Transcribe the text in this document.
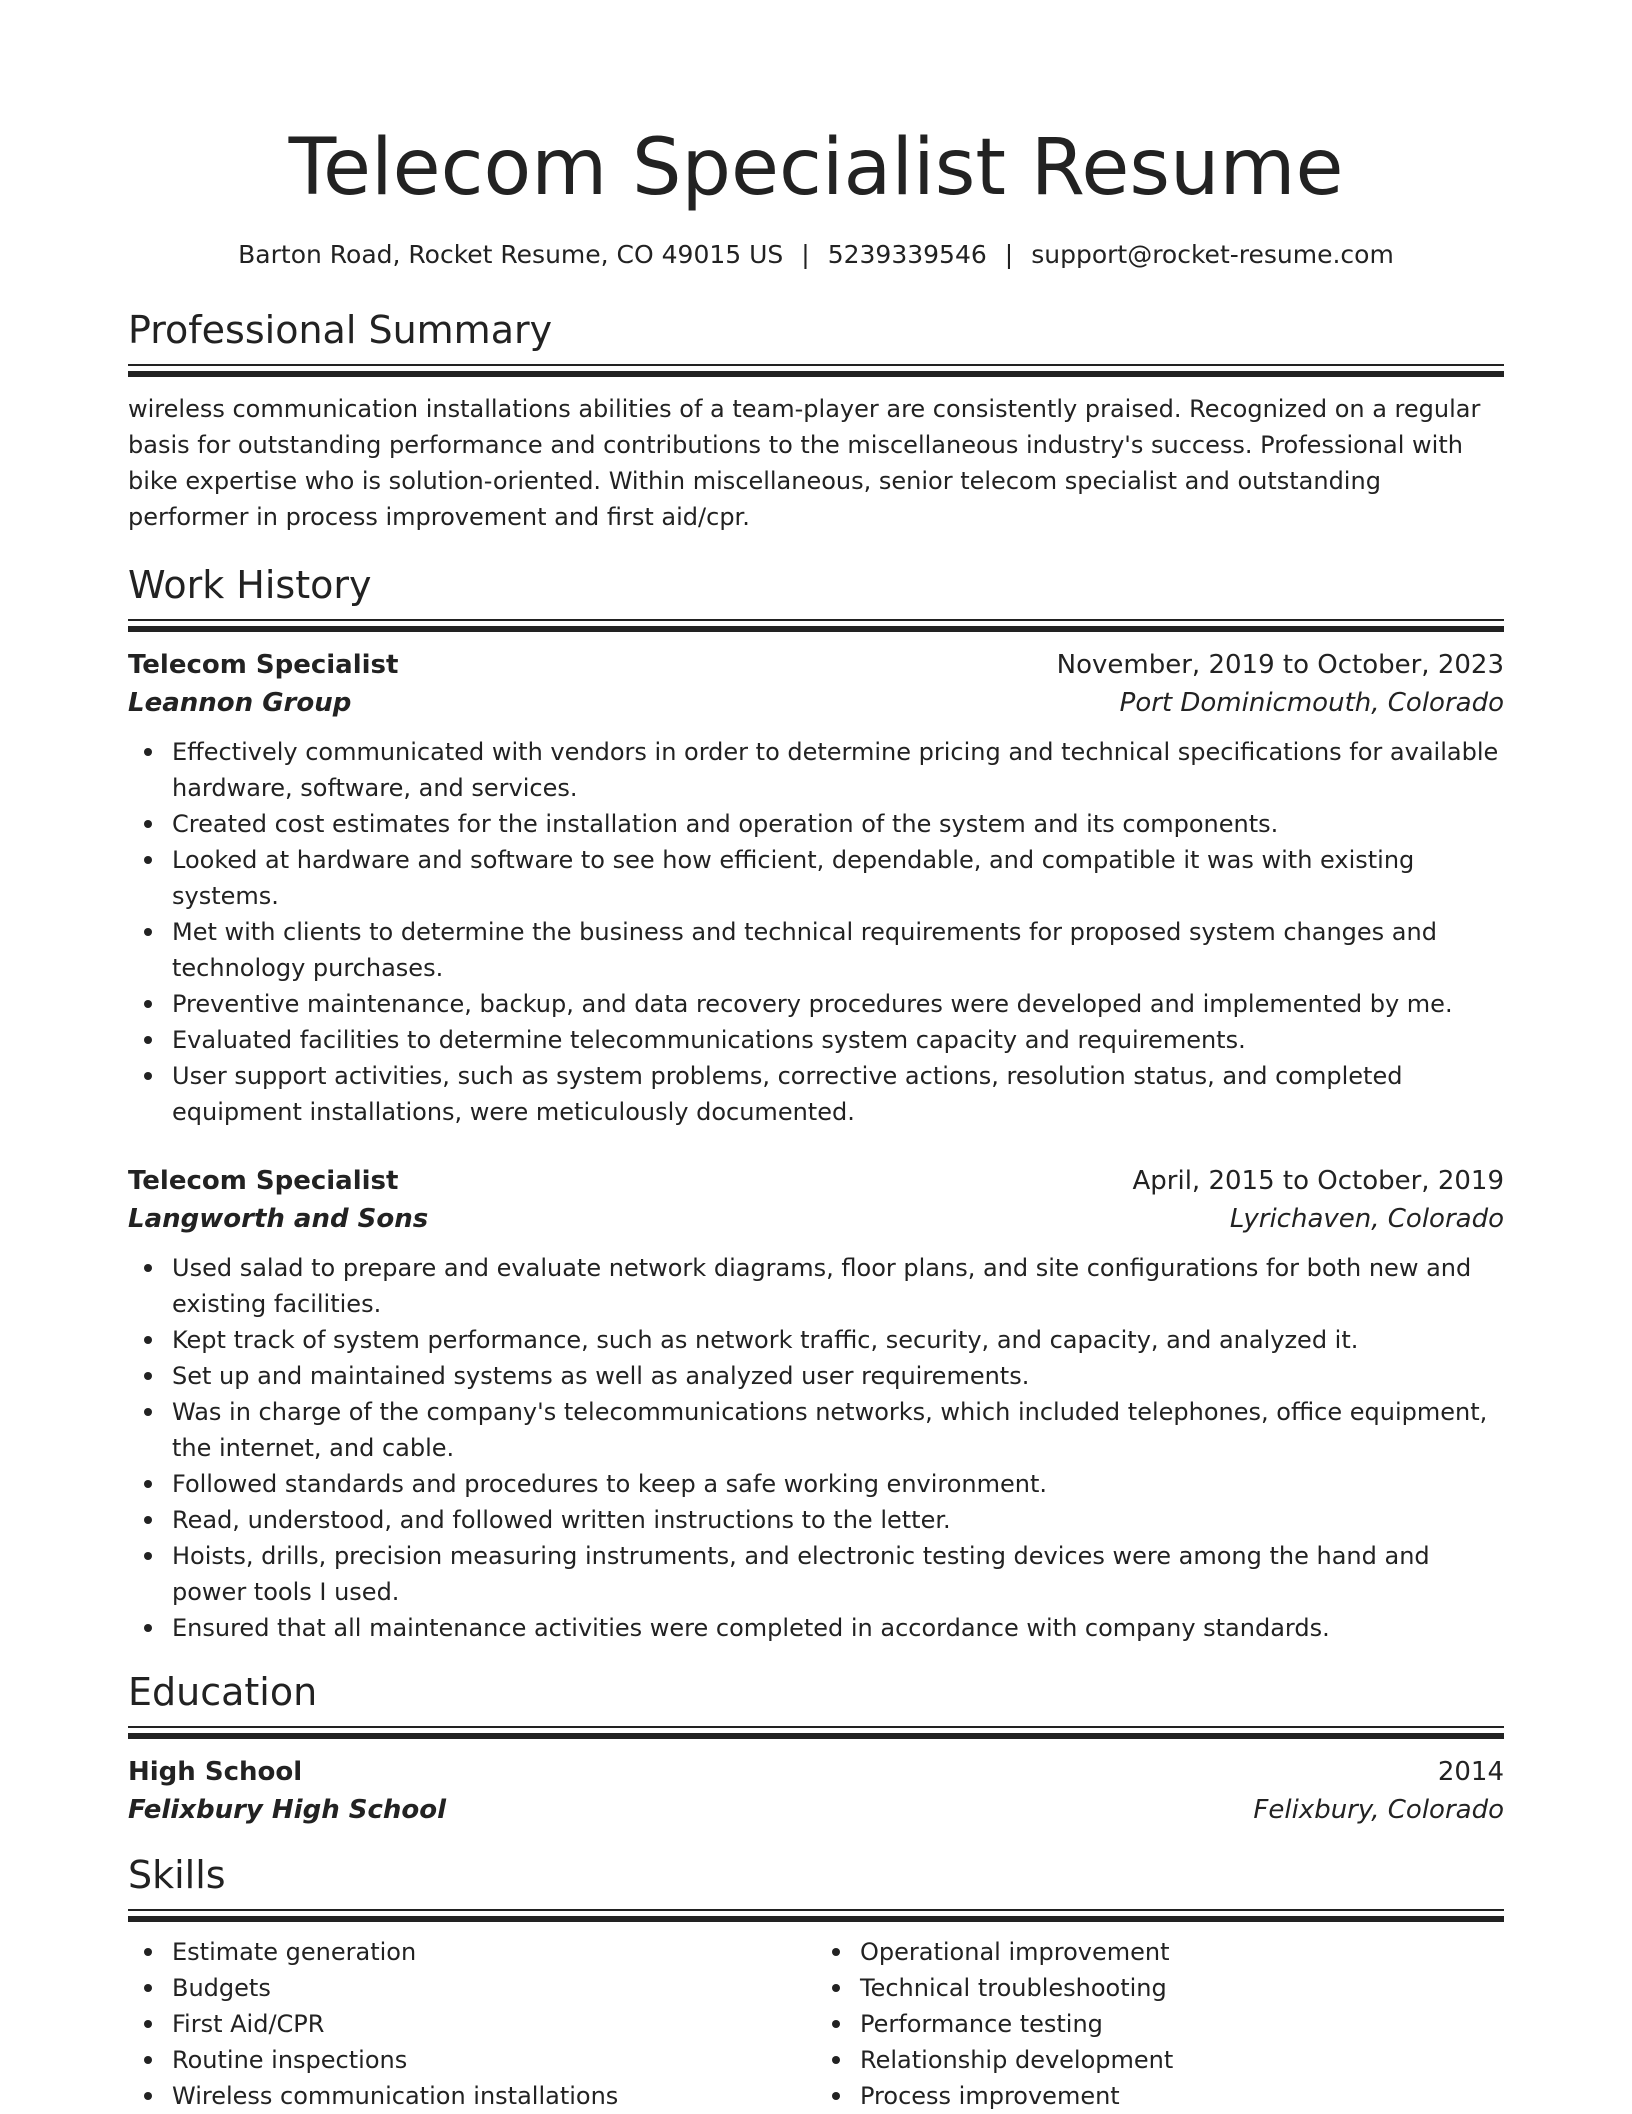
Telecom Specialist Resume
Barton Road, Rocket Resume, CO 49015 US | 5239339546 | support@rocket-resume.com
Professional Summary

wireless communication installations abilities of a team-player are consistently praised. Recognized on a regular basis for outstanding performance and contributions to the miscellaneous industry's success. Professional with bike expertise who is solution-oriented. Within miscellaneous, senior telecom specialist and outstanding performer in process improvement and first aid/cpr.

Work History
Telecom Specialist	November, 2019 to October, 2023
Leannon Group	Port Dominicmouth, Colorado
Effectively communicated with vendors in order to determine pricing and technical specifications for available hardware, software, and services.
Created cost estimates for the installation and operation of the system and its components.
Looked at hardware and software to see how efficient, dependable, and compatible it was with existing systems.
Met with clients to determine the business and technical requirements for proposed system changes and technology purchases.
Preventive maintenance, backup, and data recovery procedures were developed and implemented by me.
Evaluated facilities to determine telecommunications system capacity and requirements.
User support activities, such as system problems, corrective actions, resolution status, and completed equipment installations, were meticulously documented.
Telecom Specialist	April, 2015 to October, 2019
Langworth and Sons	Lyrichaven, Colorado
Used salad to prepare and evaluate network diagrams, floor plans, and site configurations for both new and existing facilities.
Kept track of system performance, such as network traffic, security, and capacity, and analyzed it.
Set up and maintained systems as well as analyzed user requirements.
Was in charge of the company's telecommunications networks, which included telephones, office equipment, the internet, and cable.
Followed standards and procedures to keep a safe working environment.
Read, understood, and followed written instructions to the letter.
Hoists, drills, precision measuring instruments, and electronic testing devices were among the hand and power tools I used.
Ensured that all maintenance activities were completed in accordance with company standards.
Education
High School	2014
Felixbury High School	Felixbury, Colorado
Skills
Estimate generation
Budgets
First Aid/CPR
Routine inspections
Wireless communication installations
Operational improvement
Technical troubleshooting
Performance testing
Relationship development
Process improvement
